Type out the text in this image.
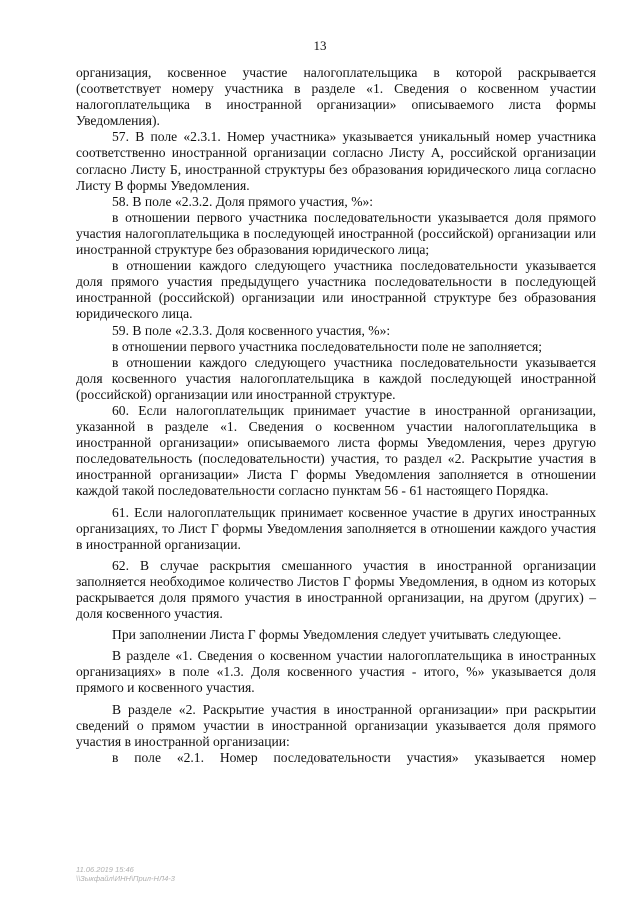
13

организация, косвенное участие налогоплательщика в которой раскрывается (соответствует номеру участника в разделе «1. Сведения о косвенном участии налогоплательщика в иностранной организации» описываемого листа формы Уведомления).

57. В поле «2.3.1. Номер участника» указывается уникальный номер участника соответственно иностранной организации согласно Листу А, российской организации согласно Листу Б, иностранной структуры без образования юридического лица согласно Листу В формы Уведомления.

58. В поле «2.3.2. Доля прямого участия, %»:

в отношении первого участника последовательности указывается доля прямого участия налогоплательщика в последующей иностранной (российской) организации или иностранной структуре без образования юридического лица;

в отношении каждого следующего участника последовательности указывается доля прямого участия предыдущего участника последовательности в последующей иностранной (российской) организации или иностранной структуре без образования юридического лица.

59. В поле «2.3.3. Доля косвенного участия, %»:

в отношении первого участника последовательности поле не заполняется;

в отношении каждого следующего участника последовательности указывается доля косвенного участия налогоплательщика в каждой последующей иностранной (российской) организации или иностранной структуре.

60. Если налогоплательщик принимает участие в иностранной организации, указанной в разделе «1. Сведения о косвенном участии налогоплательщика в иностранной организации» описываемого листа формы Уведомления, через другую последовательность (последовательности) участия, то раздел «2. Раскрытие участия в иностранной организации» Листа Г формы Уведомления заполняется в отношении каждой такой последовательности согласно пунктам 56 - 61 настоящего Порядка.

61. Если налогоплательщик принимает косвенное участие в других иностранных организациях, то Лист Г формы Уведомления заполняется в отношении каждого участия в иностранной организации.

62. В случае раскрытия смешанного участия в иностранной организации заполняется необходимое количество Листов Г формы Уведомления, в одном из которых раскрывается доля прямого участия в иностранной организации, на другом (других) – доля косвенного участия.

При заполнении Листа Г формы Уведомления следует учитывать следующее.

В разделе «1. Сведения о косвенном участии налогоплательщика в иностранных организациях» в поле «1.3. Доля косвенного участия - итого, %» указывается доля прямого и косвенного участия.

В разделе «2. Раскрытие участия в иностранной организации» при раскрытии сведений о прямом участии в иностранной организации указывается доля прямого участия в иностранной организации:

в поле «2.1. Номер последовательности участия» указывается номер

11.06.2019 15:46
\\Зыкфайл\ИНН\Прил-НЛ4-3
